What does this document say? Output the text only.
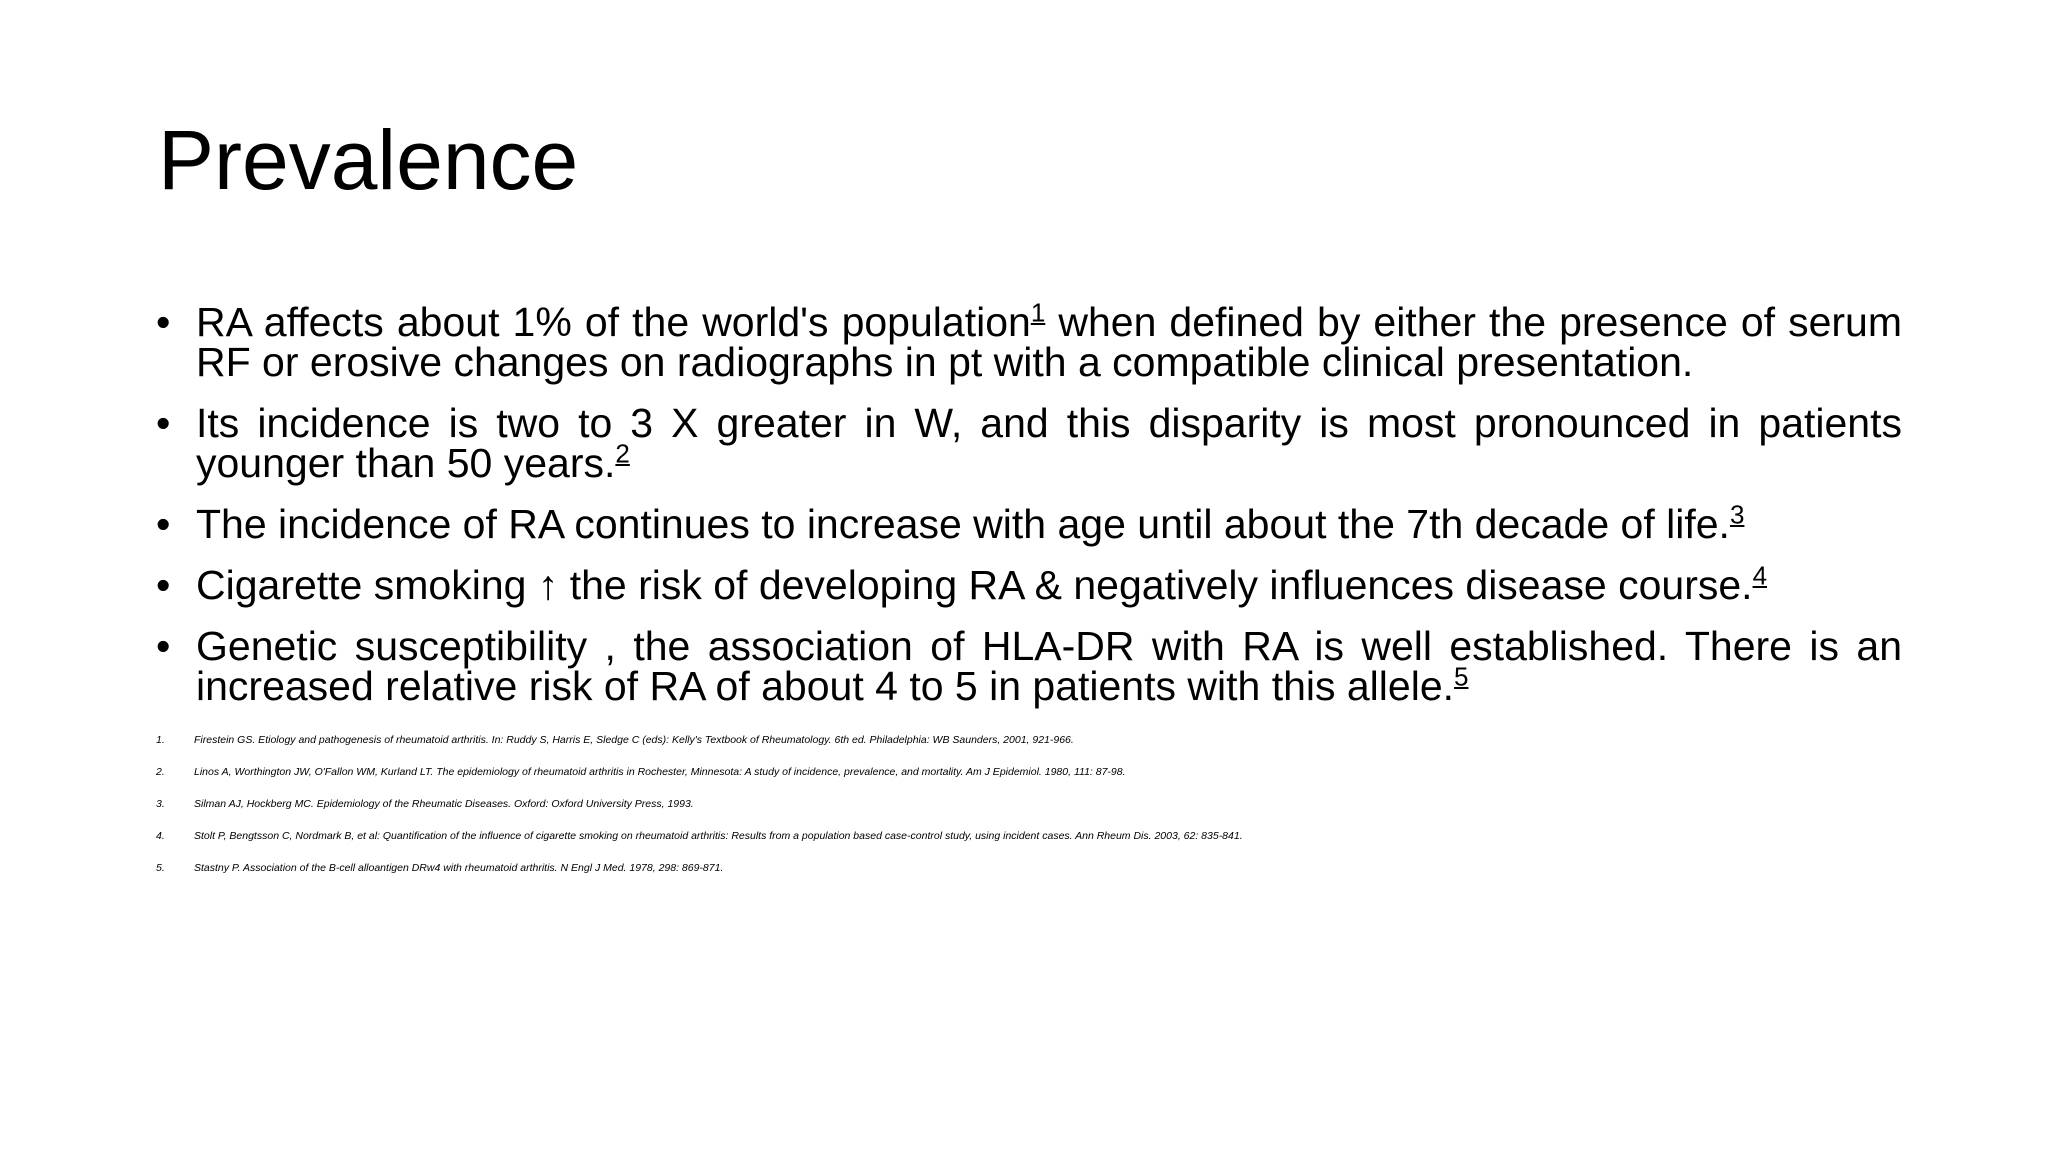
Prevalence
• RA affects about 1% of the world's population$^1$ when defined by either the presence of serum RF or erosive changes on radiographs in pt with a compatible clinical presentation.
• Its incidence is two to 3 X greater in W, and this disparity is most pronounced in patients younger than 50 years.$^2$
• The incidence of RA continues to increase with age until about the 7th decade of life.$^3$
• Cigarette smoking ↑ the risk of developing RA & negatively influences disease course.$^4$
• Genetic susceptibility , the association of HLA-DR with RA is well established. There is an increased relative risk of RA of about 4 to 5 in patients with this allele.$^5$
1.	Firestein GS. Etiology and pathogenesis of rheumatoid arthritis. In: Ruddy S, Harris E, Sledge C (eds): Kelly's Textbook of Rheumatology. 6th ed. Philadelphia: WB Saunders, 2001, 921-966.
2.	Linos A, Worthington JW, O'Fallon WM, Kurland LT. The epidemiology of rheumatoid arthritis in Rochester, Minnesota: A study of incidence, prevalence, and mortality. Am J Epidemiol. 1980, 111: 87-98.
3.	Silman AJ, Hockberg MC. Epidemiology of the Rheumatic Diseases. Oxford: Oxford University Press, 1993.
4.	Stolt P, Bengtsson C, Nordmark B, et al: Quantification of the influence of cigarette smoking on rheumatoid arthritis: Results from a population based case-control study, using incident cases. Ann Rheum Dis. 2003, 62: 835-841.
5.	Stastny P. Association of the B-cell alloantigen DRw4 with rheumatoid arthritis. N Engl J Med. 1978, 298: 869-871.
